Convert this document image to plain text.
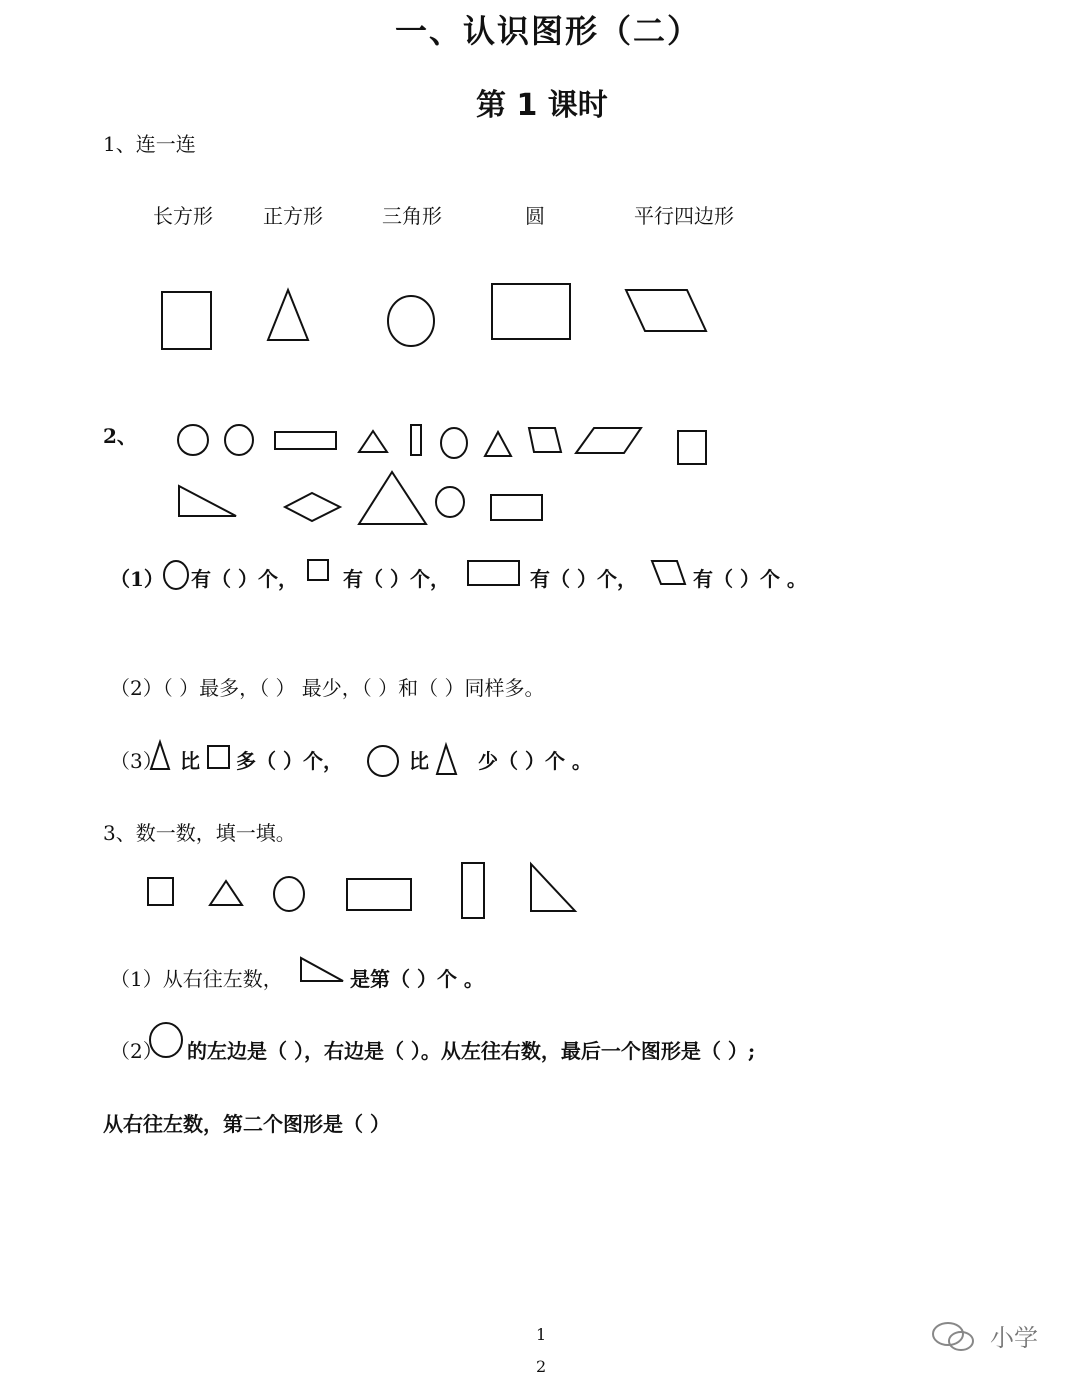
一、认识图形（二）
第 1 课时
1、连一连
长方形	正方形	三角形	圆	平行四边形
2、
（1） 有（ ）个， 有（ ）个，	有（ ）个，	有（ ）个 。
（2）（ ）最多，（ ） 最少，（ ）和（ ）同样多。
（3） 比 多（ ）个，	比 少（ ）个 。
3、数一数，填一填。
（1）从右往左数，	是第（ ）个 。
（2） 的左边是（ ），右边是（ ）。从左往右数，最后一个图形是（ ）;
从右往左数，第二个图形是（ ）
1
2
小学
